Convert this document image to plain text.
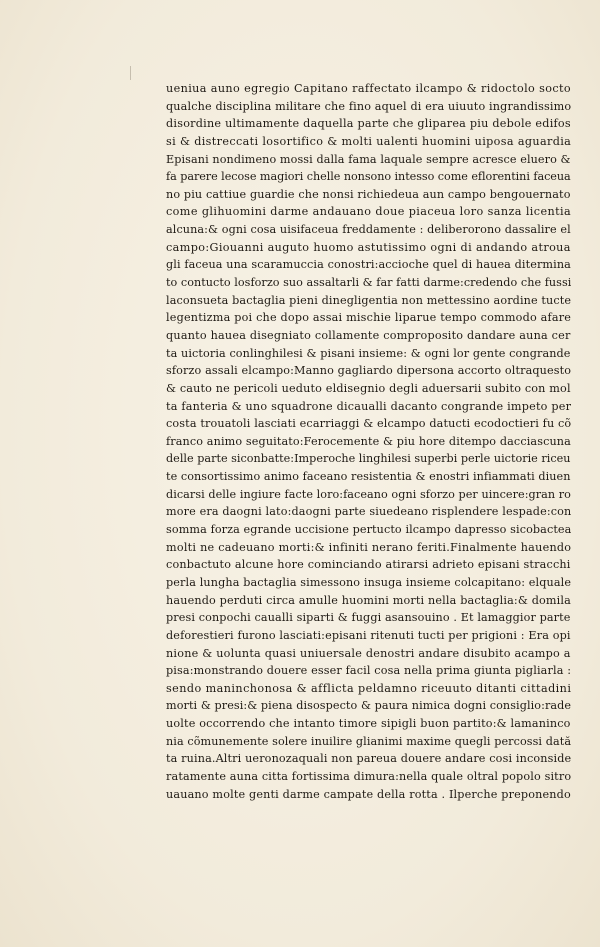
ueniua auno egregio Capitano raffectato ilcampo & ridoctolo socto
qualche disciplina militare che fino aquel di era uiuuto ingrandissimo
disordine ultimamente daquella parte che gliparea piu debole edifos
si & distreccati losortifico & molti ualenti huomini uiposa aguardia
Episani nondimeno mossi dalla fama laquale sempre acresce eluero &
fa parere lecose magiori chelle nonsono intesso come eflorentini faceua
no piu cattiue guardie che nonsi richiedeua aun campo bengouernato
come glihuomini darme andauano doue piaceua loro sanza licentia
alcuna:& ogni cosa uisifaceua freddamente : deliberorono dassalire el
campo:Giouanni auguto huomo astutissimo ogni di andando atroua
gli faceua una scaramuccia conostri:accioche quel di hauea ditermina
to contucto losforzo suo assaltarli & far fatti darme:credendo che fussi
laconsueta bactaglia pieni dinegligentia non mettessino aordine tucte
legentizma poi che dopo assai mischie liparue tempo commodo afare
quanto hauea disegniato collamente comproposito dandare auna cer
ta uictoria conlinghilesi & pisani insieme: & ogni lor gente congrande
sforzo assali elcampo:Manno gagliardo dipersona accorto oltraquesto
& cauto ne pericoli ueduto eldisegnio degli aduersarii subito con mol
ta fanteria & uno squadrone dicaualli dacanto congrande impeto per
costa trouatoli lasciati ecarriaggi & elcampo datucti ecodoctieri fu cõ
franco animo seguitato:Ferocemente & piu hore ditempo dacciascuna
delle parte siconbatte:Imperoche linghilesi superbi perle uictorie riceu
te consortissimo animo faceano resistentia & enostri infiammati diuen
dicarsi delle ingiure facte loro:faceano ogni sforzo per uincere:gran ro
more era daogni lato:daogni parte siuedeano risplendere lespade:con
somma forza egrande uccisione pertucto ilcampo dapresso sicobactea
molti ne cadeuano morti:& infiniti nerano feriti.Finalmente hauendo
conbactuto alcune hore cominciando atirarsi adrieto episani stracchi
perla lungha bactaglia simessono insuga insieme colcapitano: elquale
hauendo perduti circa amulle huomini morti nella bactaglia:& domila
presi conpochi caualli siparti & fuggi asansouino . Et lamaggior parte
deforestieri furono lasciati:episani ritenuti tucti per prigioni : Era opi
nione & uolunta quasi uniuersale denostri andare disubito acampo a
pisa:monstrando douere esser facil cosa nella prima giunta pigliarla :
sendo maninchonosa & afflicta peldamno riceuuto ditanti cittadini
morti & presi:& piena disospecto & paura nimica dogni consiglio:rade
uolte occorrendo che intanto timore sipigli buon partito:& lamaninco
nia cõmunemente solere inuilire glianimi maxime quegli percossi dată
ta ruina.Altri ueronozaquali non pareua douere andare cosi inconside
ratamente auna citta fortissima dimura:nella quale oltral popolo sitro
uauano molte genti darme campate della rotta . Ilperche preponendo
